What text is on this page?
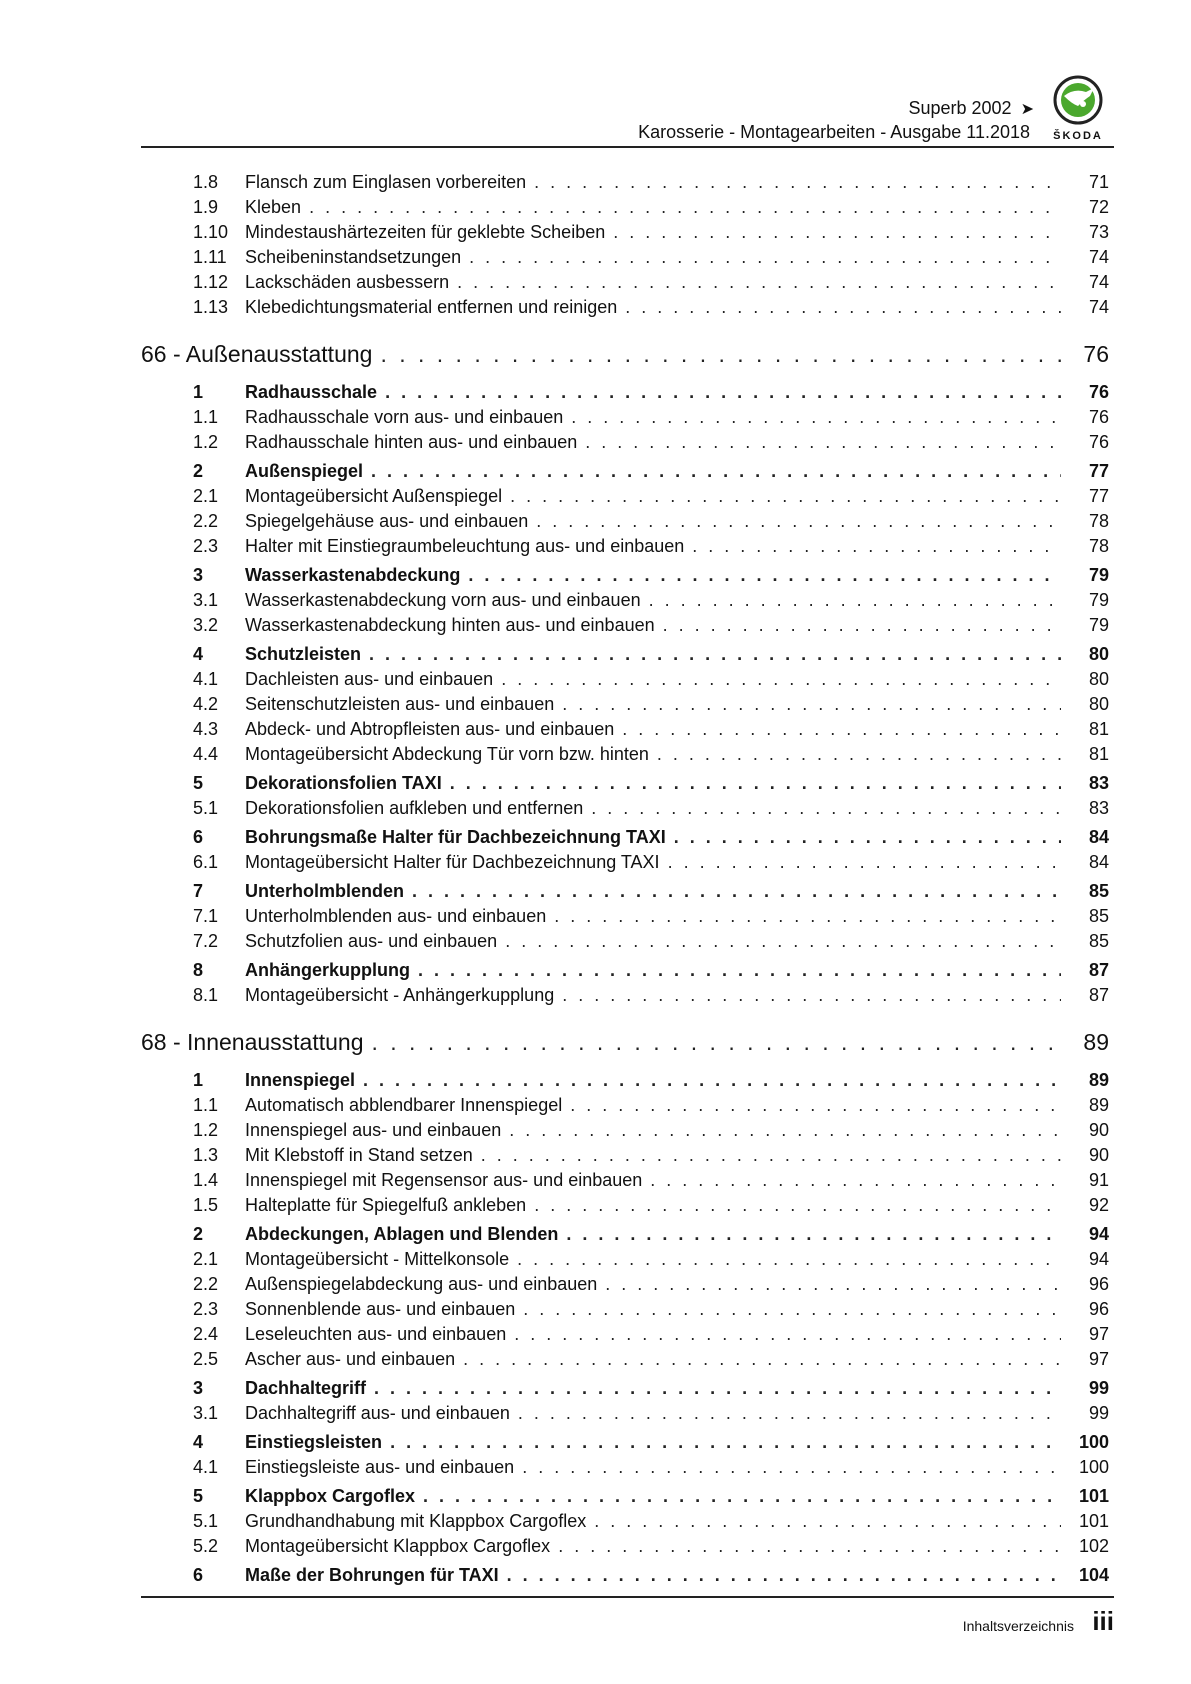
Superb 2002 ➤
Karosserie - Montagearbeiten - Ausgabe 11.2018 ŠKODA
1.8	Flansch zum Einglasen vorbereiten . . .	71
1.9	Kleben . . .	72
1.10 Mindestaushärtezeiten für geklebte Scheiben . . .	73
1.11	Scheibeninstandsetzungen . . .	74
1.12 Lackschäden ausbessern . . .	74
1.13 Klebedichtungsmaterial entfernen und reinigen . . .	74
66 - Außenausstattung . . .	76
1	Radhausschale . . .	76
1.1	Radhausschale vorn aus- und einbauen . . .	76
1.2	Radhausschale hinten aus- und einbauen . . .	76
2	Außenspiegel . . .	77
2.1	Montageübersicht Außenspiegel . . .	77
2.2	Spiegelgehäuse aus- und einbauen . . .	78
2.3	Halter mit Einstiegraumbeleuchtung aus- und einbauen . . .	78
3	Wasserkastenabdeckung . . .	79
3.1	Wasserkastenabdeckung vorn aus- und einbauen . . .	79
3.2	Wasserkastenabdeckung hinten aus- und einbauen . . .	79
4	Schutzleisten . . .	80
4.1	Dachleisten aus- und einbauen . . .	80
4.2	Seitenschutzleisten aus- und einbauen . . .	80
4.3	Abdeck- und Abtropfleisten aus- und einbauen . . .	81
4.4	Montageübersicht Abdeckung Tür vorn bzw. hinten . . .	81
5	Dekorationsfolien TAXI . . .	83
5.1	Dekorationsfolien aufkleben und entfernen . . .	83
6	Bohrungsmaße Halter für Dachbezeichnung TAXI . . .	84
6.1	Montageübersicht Halter für Dachbezeichnung TAXI . . .	84
7	Unterholmblenden . . .	85
7.1	Unterholmblenden aus- und einbauen . . .	85
7.2	Schutzfolien aus- und einbauen . . .	85
8	Anhängerkupplung . . .	87
8.1	Montageübersicht - Anhängerkupplung . . .	87
68 - Innenausstattung . . .	89
1	Innenspiegel . . .	89
1.1	Automatisch abblendbarer Innenspiegel . . .	89
1.2	Innenspiegel aus- und einbauen . . .	90
1.3	Mit Klebstoff in Stand setzen . . .	90
1.4	Innenspiegel mit Regensensor aus- und einbauen . . .	91
1.5	Halteplatte für Spiegelfuß ankleben . . .	92
2	Abdeckungen, Ablagen und Blenden . . .	94
2.1	Montageübersicht - Mittelkonsole . . .	94
2.2	Außenspiegelabdeckung aus- und einbauen . . .	96
2.3	Sonnenblende aus- und einbauen . . .	96
2.4	Leseleuchten aus- und einbauen . . .	97
2.5	Ascher aus- und einbauen . . .	97
3	Dachhaltegriff . . .	99
3.1	Dachhaltegriff aus- und einbauen . . .	99
4	Einstiegsleisten . . .	100
4.1	Einstiegsleiste aus- und einbauen . . .	100
5	Klappbox Cargoflex . . .	101
5.1	Grundhandhabung mit Klappbox Cargoflex . . .	101
5.2	Montageübersicht Klappbox Cargoflex . . .	102
6	Maße der Bohrungen für TAXI . . .	104
Inhaltsverzeichnis iii
